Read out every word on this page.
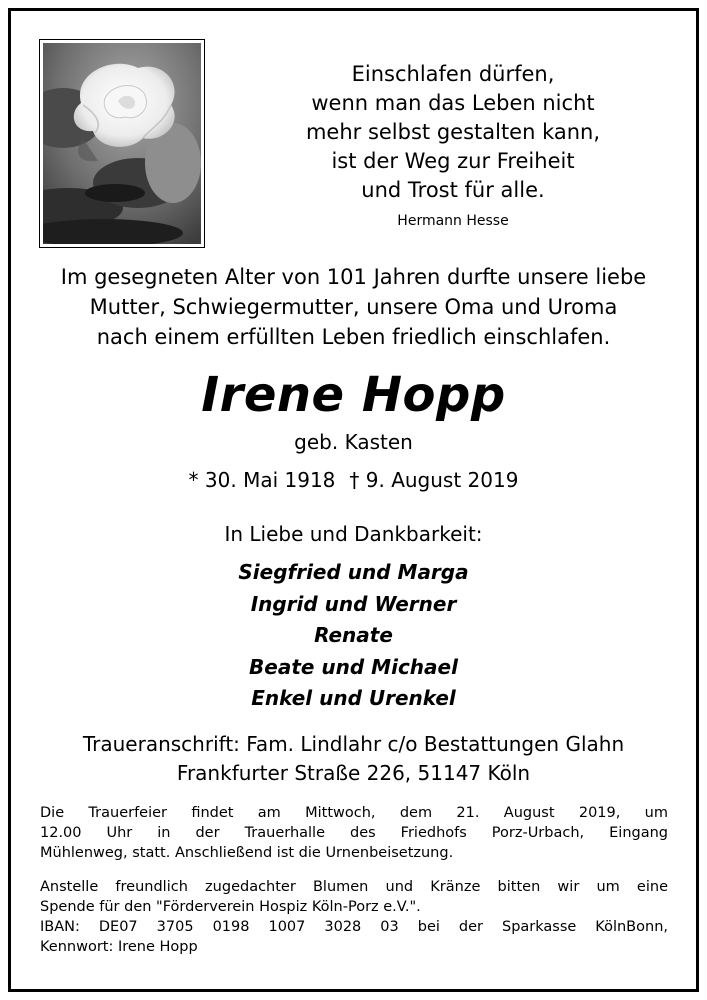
Einschlafen dürfen,
wenn man das Leben nicht
mehr selbst gestalten kann,
ist der Weg zur Freiheit
und Trost für alle.
Hermann Hesse
Im gesegneten Alter von 101 Jahren durfte unsere liebe
Mutter, Schwiegermutter, unsere Oma und Uroma
nach einem erfüllten Leben friedlich einschlafen.
Irene Hopp
geb. Kasten
* 30. Mai 1918 † 9. August 2019
In Liebe und Dankbarkeit:
Siegfried und Marga
Ingrid und Werner
Renate
Beate und Michael
Enkel und Urenkel
Traueranschrift: Fam. Lindlahr c/o Bestattungen Glahn
Frankfurter Straße 226, 51147 Köln
Die Trauerfeier findet am Mittwoch, dem 21. August 2019, um
12.00 Uhr in der Trauerhalle des Friedhofs Porz-Urbach, Eingang
Mühlenweg, statt. Anschließend ist die Urnenbeisetzung.
Anstelle freundlich zugedachter Blumen und Kränze bitten wir um eine
Spende für den "Förderverein Hospiz Köln-Porz e.V.".
IBAN: DE07 3705 0198 1007 3028 03 bei der Sparkasse KölnBonn,
Kennwort: Irene Hopp
